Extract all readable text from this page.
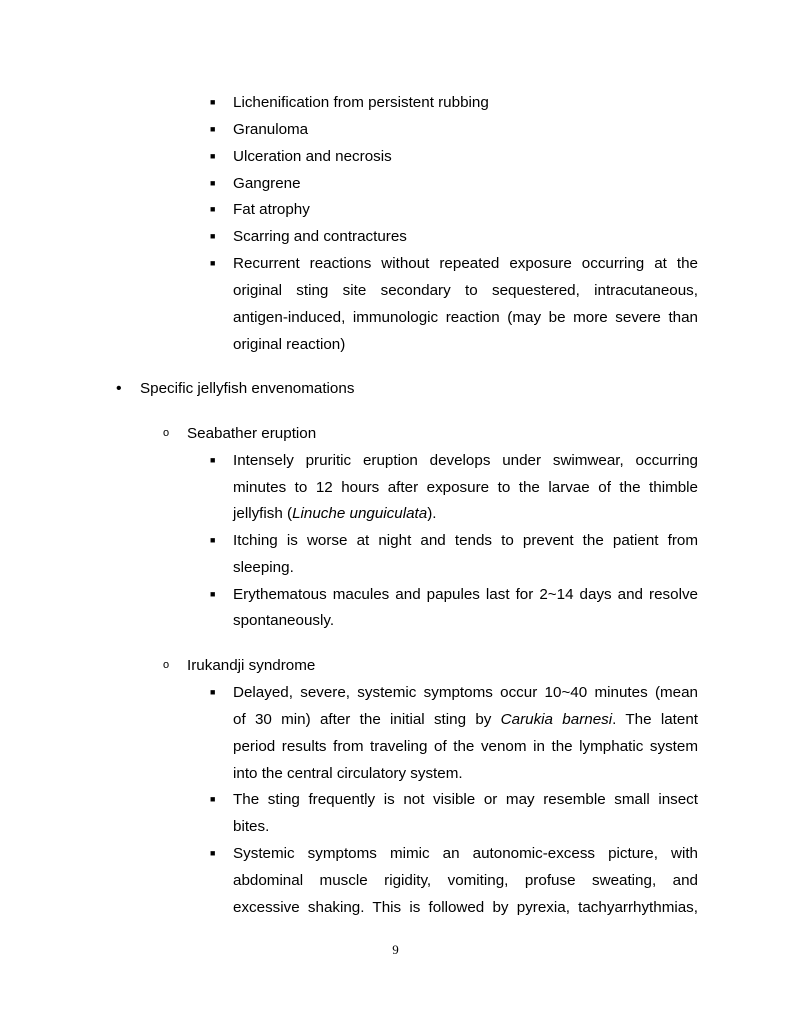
■ Lichenification from persistent rubbing
■ Granuloma
■ Ulceration and necrosis
■ Gangrene
■ Fat atrophy
■ Scarring and contractures
■ Recurrent reactions without repeated exposure occurring at the
original sting site secondary to sequestered, intracutaneous,
antigen-induced, immunologic reaction (may be more severe than
original reaction)
• Specific jellyfish envenomations
o Seabather eruption
■ Intensely pruritic eruption develops under swimwear, occurring
minutes to 12 hours after exposure to the larvae of the thimble
jellyfish (Linuche unguiculata).
■ Itching is worse at night and tends to prevent the patient from
sleeping.
■ Erythematous macules and papules last for 2~14 days and resolve
spontaneously.
o Irukandji syndrome
■ Delayed, severe, systemic symptoms occur 10~40 minutes (mean
of 30 min) after the initial sting by Carukia barnesi. The latent
period results from traveling of the venom in the lymphatic system
into the central circulatory system.
■ The sting frequently is not visible or may resemble small insect
bites.
■ Systemic symptoms mimic an autonomic-excess picture, with
abdominal muscle rigidity, vomiting, profuse sweating, and
excessive shaking. This is followed by pyrexia, tachyarrhythmias,
9
